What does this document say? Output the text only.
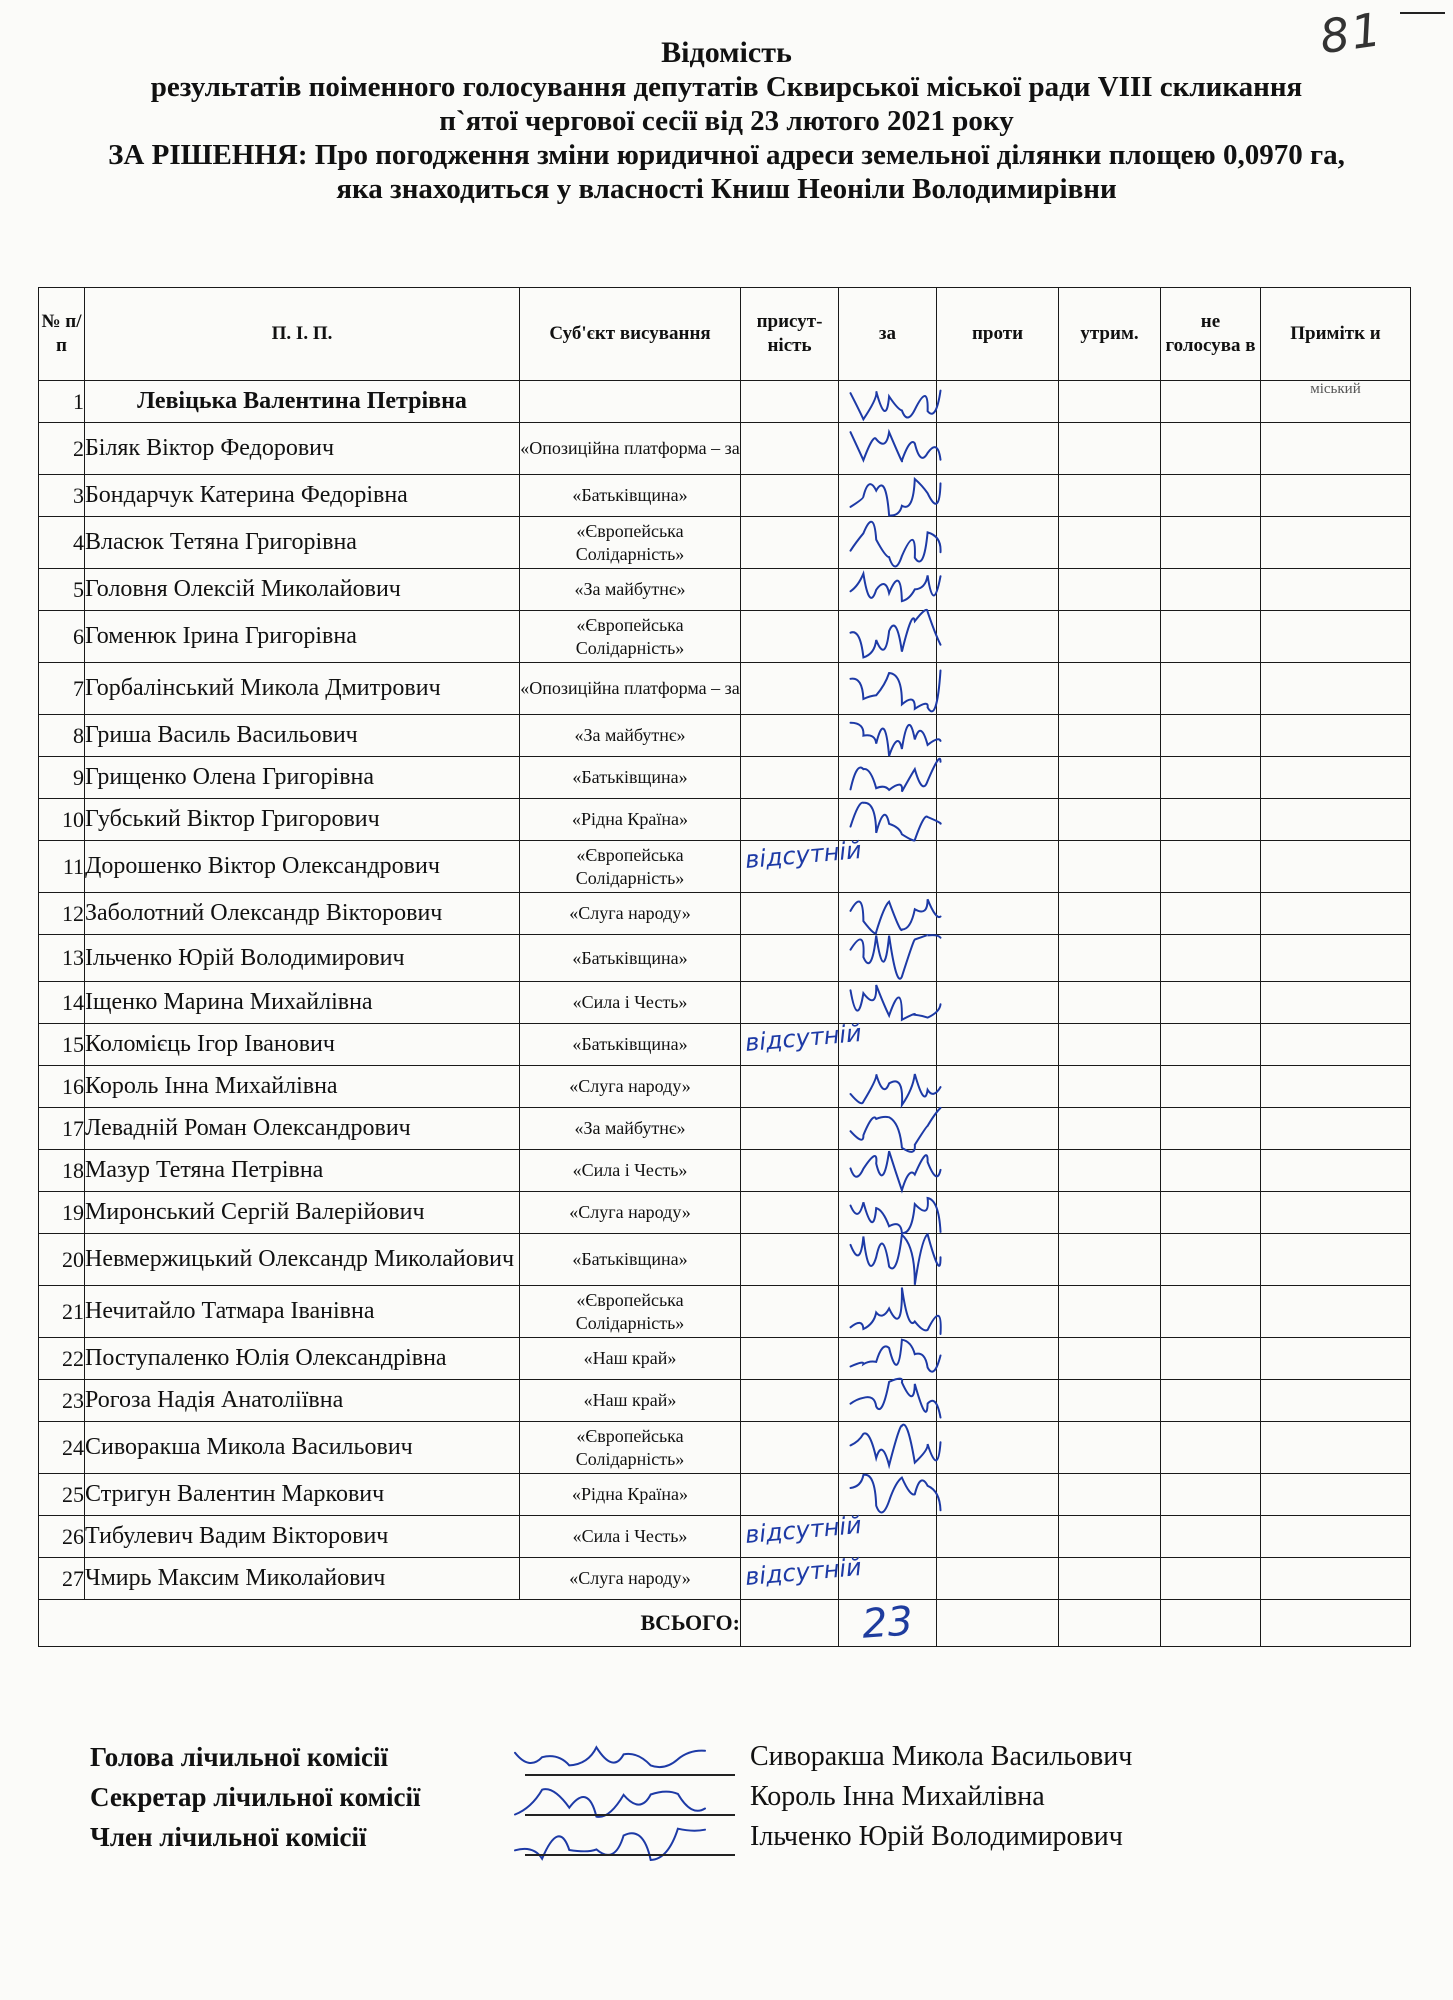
81
Відомість
результатів поіменного голосування депутатів Сквирської міської ради VIII скликання
п`ятої чергової сесії від 23 лютого 2021 року
ЗА РІШЕННЯ: Про погодження зміни юридичної адреси земельної ділянки площею 0,0970 га,
яка знаходиться у власності Книш Неоніли Володимирівни
№ п/п	П. І. П.	Суб'єкт висування	присут-ність	за	проти	утрим.	не голосува в	Примітк и
1	Левіцька Валентина Петрівна							міський
2	Біляк Віктор Федорович	«Опозиційна платформа – за						
3	Бондарчук Катерина Федорівна	«Батьківщина»						
4	Власюк Тетяна Григорівна	«Європейська Солідарність»						
5	Головня Олексій Миколайович	«За майбутнє»						
6	Гоменюк Ірина Григорівна	«Європейська Солідарність»						
7	Горбалінський Микола Дмитрович	«Опозиційна платформа – за						
8	Гриша Василь Васильович	«За майбутнє»						
9	Грищенко Олена Григорівна	«Батьківщина»						
10	Губський Віктор Григорович	«Рідна Країна»						
11	Дорошенко Віктор Олександрович	«Європейська Солідарність»	відсутній					

12	Заболотний Олександр Вікторович	«Слуга народу»						
13	Ільченко Юрій Володимирович	«Батьківщина»						
14	Іщенко Марина Михайлівна	«Сила і Честь»						
15	Коломієць Ігор Іванович	«Батьківщина»	відсутній					

16	Король Інна Михайлівна	«Слуга народу»						
17	Левадній Роман Олександрович	«За майбутнє»						
18	Мазур Тетяна Петрівна	«Сила і Честь»						
19	Миронський Сергій Валерійович	«Слуга народу»						
20	Невмержицький Олександр Миколайович	«Батьківщина»						
21	Нечитайло Татмара Іванівна	«Європейська Солідарність»						
22	Поступаленко Юлія Олександрівна	«Наш край»						
23	Рогоза Надія Анатоліївна	«Наш край»						
24	Сиворакша Микола Васильович	«Європейська Солідарність»						
25	Стригун Валентин Маркович	«Рідна Країна»						
26	Тибулевич Вадим Вікторович	«Сила і Честь»	відсутній					

27	Чмирь Максим Миколайович	«Слуга народу»	відсутній					

ВСЬОГО:				23				
Голова лічильної комісії	Сиворакша Микола Васильович
Секретар лічильної комісії	Король Інна Михайлівна
Член лічильної комісії	Ільченко Юрій Володимирович
